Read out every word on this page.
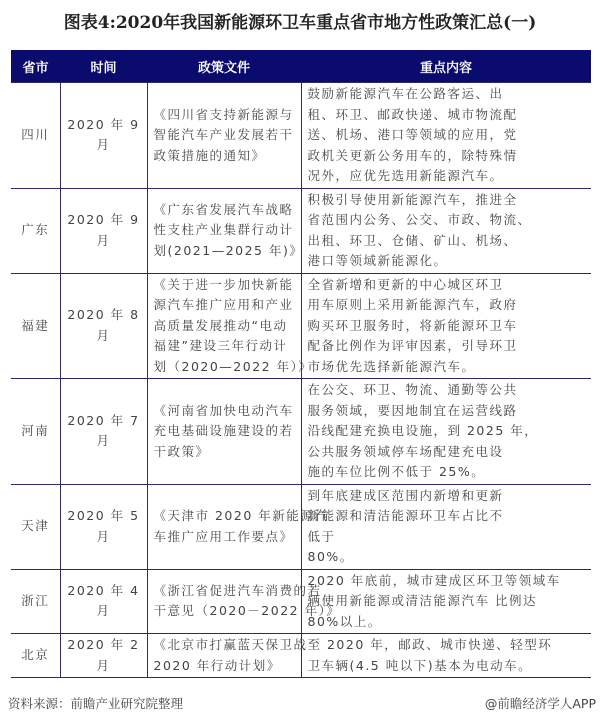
图表4:2020年我国新能源环卫车重点省市地方性政策汇总(一)
省市	时间	政策文件	重点内容
四川	2020 年 9 月	《四川省支持新能源与
智能汽车产业发展若干
政策措施的通知》	鼓励新能源汽车在公路客运、出
租、环卫、邮政快递、城市物流配
送、机场、港口等领域的应用，党
政机关更新公务用车的，除特殊情
况外，应优先选用新能源汽车。

广东	2020 年 9 月	《广东省发展汽车战略
性支柱产业集群行动计
划(2021—2025 年)》	积极引导使用新能源汽车，推进全
省范围内公务、公交、市政、物流、
出租、环卫、仓储、矿山、机场、
港口等领域新能源化。

福建	2020 年 8 月	《关于进一步加快新能
源汽车推广应用和产业
高质量发展推动“电动
福建”建设三年行动计
划（2020—2022 年）》	全省新增和更新的中心城区环卫
用车原则上采用新能源汽车，政府
购买环卫服务时，将新能源环卫车
配备比例作为评审因素，引导环卫
市场优先选择新能源汽车。

河南	2020 年 7 月	《河南省加快电动汽车
充电基础设施建设的若
干政策》	在公交、环卫、物流、通勤等公共
服务领域，要因地制宜在运营线路
沿线配建充换电设施，到 2025 年，
公共服务领域停车场配建充电设
施的车位比例不低于 25%。

天津	2020 年 5 月	《天津市 2020 年新能源汽
车推广应用工作要点》	到年底建成区范围内新增和更新
新能源和清洁能源环卫车占比不
低于
80%。

浙江	2020 年 4 月	《浙江省促进汽车消费的若
干意见（2020－2022 年）》	2020 年底前，城市建成区环卫等领域车
辆使用新能源或清洁能源汽车 比例达
80%以上。

北京	2020 年 2 月	《北京市打赢蓝天保卫战
2020 年行动计划》	至 2020 年，邮政、城市快递、轻型环
卫车辆(4.5 吨以下)基本为电动车。
资料来源：前瞻产业研究院整理	@前瞻经济学人APP
